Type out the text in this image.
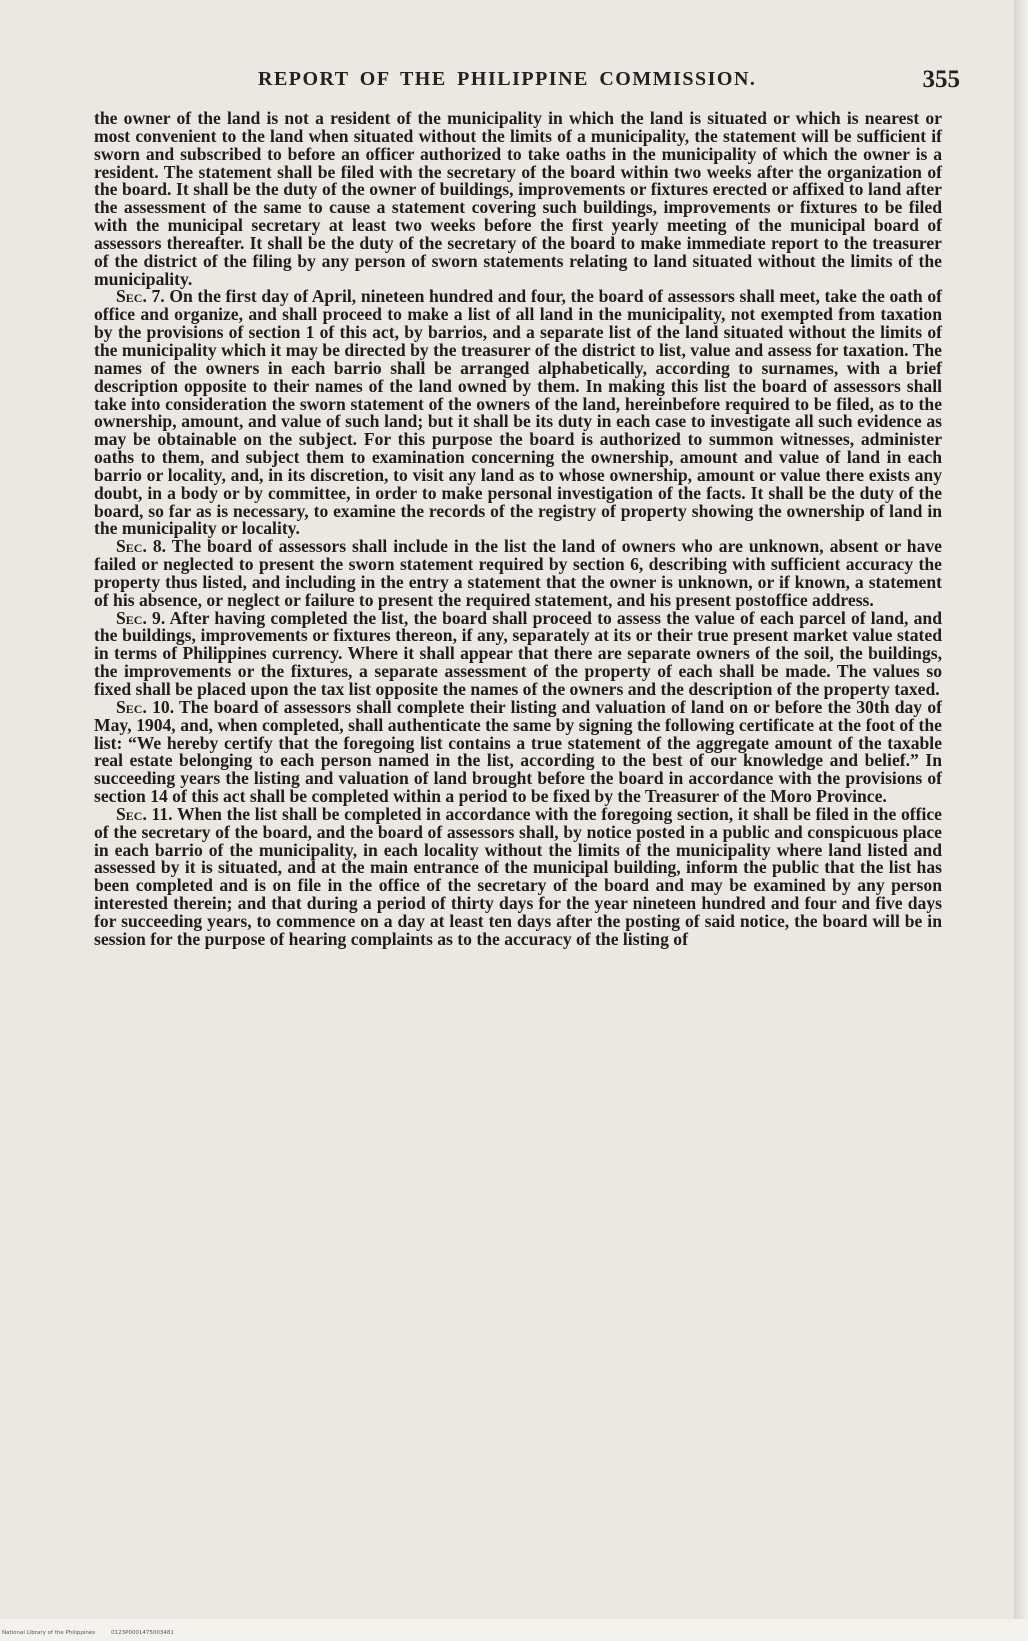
REPORT OF THE PHILIPPINE COMMISSION.	355

the owner of the land is not a resident of the municipality in which the land is situated or which is nearest or most convenient to the land when situated without the limits of a municipality, the statement will be sufficient if sworn and subscribed to before an officer authorized to take oaths in the municipality of which the owner is a resident. The statement shall be filed with the secretary of the board within two weeks after the organization of the board. It shall be the duty of the owner of buildings, improvements or fixtures erected or affixed to land after the assessment of the same to cause a statement covering such buildings, improvements or fixtures to be filed with the municipal secretary at least two weeks before the first yearly meeting of the municipal board of assessors thereafter. It shall be the duty of the secretary of the board to make immediate report to the treasurer of the district of the filing by any person of sworn statements relating to land situated without the limits of the municipality.

Sec. 7. On the first day of April, nineteen hundred and four, the board of assessors shall meet, take the oath of office and organize, and shall proceed to make a list of all land in the municipality, not exempted from taxation by the provisions of section 1 of this act, by barrios, and a separate list of the land situated without the limits of the municipality which it may be directed by the treasurer of the district to list, value and assess for taxation. The names of the owners in each barrio shall be arranged alphabetically, according to surnames, with a brief description opposite to their names of the land owned by them. In making this list the board of assessors shall take into consideration the sworn statement of the owners of the land, hereinbefore required to be filed, as to the ownership, amount, and value of such land; but it shall be its duty in each case to investigate all such evidence as may be obtainable on the subject. For this purpose the board is authorized to summon witnesses, administer oaths to them, and subject them to examination concerning the ownership, amount and value of land in each barrio or locality, and, in its discretion, to visit any land as to whose ownership, amount or value there exists any doubt, in a body or by committee, in order to make personal investigation of the facts. It shall be the duty of the board, so far as is necessary, to examine the records of the registry of property showing the ownership of land in the municipality or locality.

Sec. 8. The board of assessors shall include in the list the land of owners who are unknown, absent or have failed or neglected to present the sworn statement required by section 6, describing with sufficient accuracy the property thus listed, and including in the entry a statement that the owner is unknown, or if known, a statement of his absence, or neglect or failure to present the required statement, and his present postoffice address.

Sec. 9. After having completed the list, the board shall proceed to assess the value of each parcel of land, and the buildings, improvements or fixtures thereon, if any, separately at its or their true present market value stated in terms of Philippines currency. Where it shall appear that there are separate owners of the soil, the buildings, the improvements or the fixtures, a separate assessment of the property of each shall be made. The values so fixed shall be placed upon the tax list opposite the names of the owners and the description of the property taxed.

Sec. 10. The board of assessors shall complete their listing and valuation of land on or before the 30th day of May, 1904, and, when completed, shall authenticate the same by signing the following certificate at the foot of the list: “We hereby certify that the foregoing list contains a true statement of the aggregate amount of the taxable real estate belonging to each person named in the list, according to the best of our knowledge and belief.” In succeeding years the listing and valuation of land brought before the board in accordance with the provisions of section 14 of this act shall be completed within a period to be fixed by the Treasurer of the Moro Province.

Sec. 11. When the list shall be completed in accordance with the foregoing section, it shall be filed in the office of the secretary of the board, and the board of assessors shall, by notice posted in a public and conspicuous place in each barrio of the municipality, in each locality without the limits of the municipality where land listed and assessed by it is situated, and at the main entrance of the municipal building, inform the public that the list has been completed and is on file in the office of the secretary of the board and may be examined by any person interested therein; and that during a period of thirty days for the year nineteen hundred and four and five days for succeeding years, to commence on a day at least ten days after the posting of said notice, the board will be in session for the purpose of hearing complaints as to the accuracy of the listing of

National Library of the Philippines	0123P0001475003481
